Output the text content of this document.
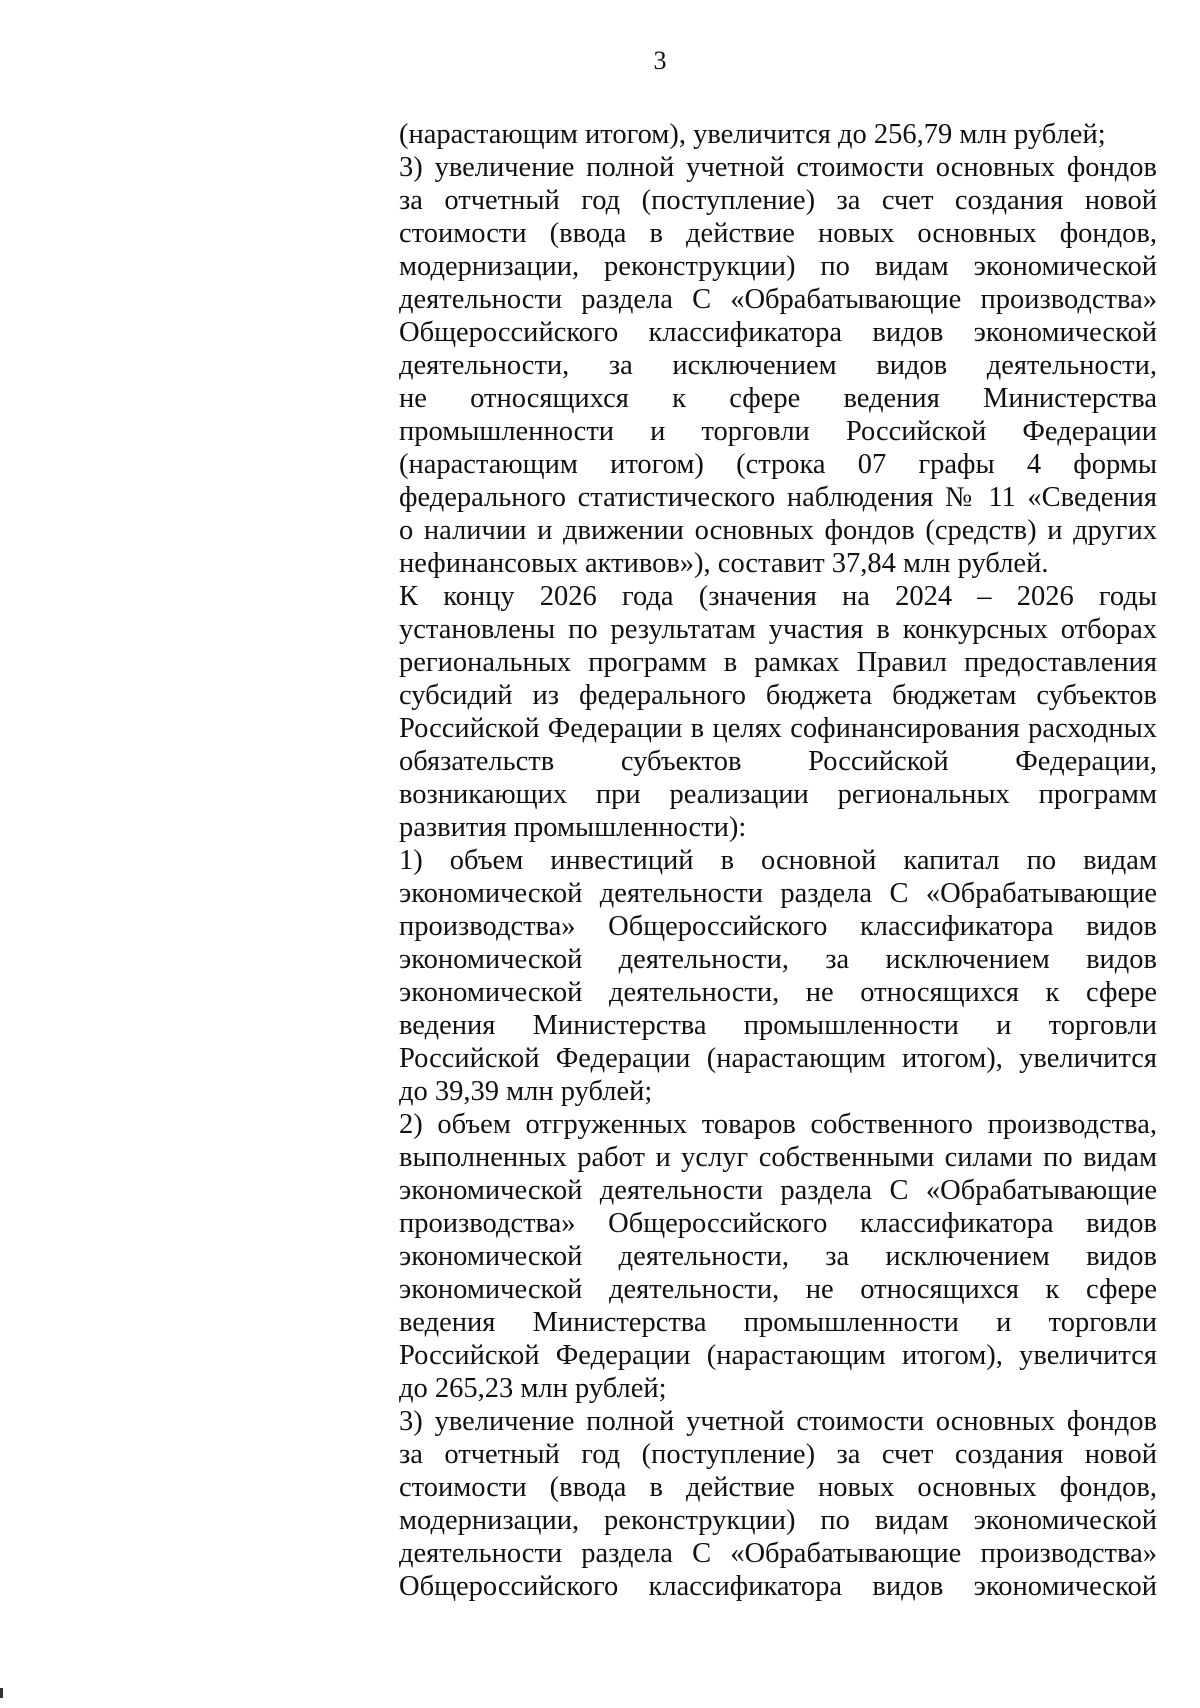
3
(нарастающим итогом), увеличится до 256,79 млн рублей;
3) увеличение полной учетной стоимости основных фондов
за отчетный год (поступление) за счет создания новой
стоимости (ввода в действие новых основных фондов,
модернизации, реконструкции) по видам экономической
деятельности раздела С «Обрабатывающие производства»
Общероссийского классификатора видов экономической
деятельности, за исключением видов деятельности,
не относящихся к сфере ведения Министерства
промышленности и торговли Российской Федерации
(нарастающим итогом) (строка 07 графы 4 формы
федерального статистического наблюдения № 11 «Сведения
о наличии и движении основных фондов (средств) и других
нефинансовых активов»), составит 37,84 млн рублей.
К концу 2026 года (значения на 2024 – 2026 годы
установлены по результатам участия в конкурсных отборах
региональных программ в рамках Правил предоставления
субсидий из федерального бюджета бюджетам субъектов
Российской Федерации в целях софинансирования расходных
обязательств субъектов Российской Федерации,
возникающих при реализации региональных программ
развития промышленности):
1) объем инвестиций в основной капитал по видам
экономической деятельности раздела С «Обрабатывающие
производства» Общероссийского классификатора видов
экономической деятельности, за исключением видов
экономической деятельности, не относящихся к сфере
ведения Министерства промышленности и торговли
Российской Федерации (нарастающим итогом), увеличится
до 39,39 млн рублей;
2) объем отгруженных товаров собственного производства,
выполненных работ и услуг собственными силами по видам
экономической деятельности раздела С «Обрабатывающие
производства» Общероссийского классификатора видов
экономической деятельности, за исключением видов
экономической деятельности, не относящихся к сфере
ведения Министерства промышленности и торговли
Российской Федерации (нарастающим итогом), увеличится
до 265,23 млн рублей;
3) увеличение полной учетной стоимости основных фондов
за отчетный год (поступление) за счет создания новой
стоимости (ввода в действие новых основных фондов,
модернизации, реконструкции) по видам экономической
деятельности раздела С «Обрабатывающие производства»
Общероссийского классификатора видов экономической
